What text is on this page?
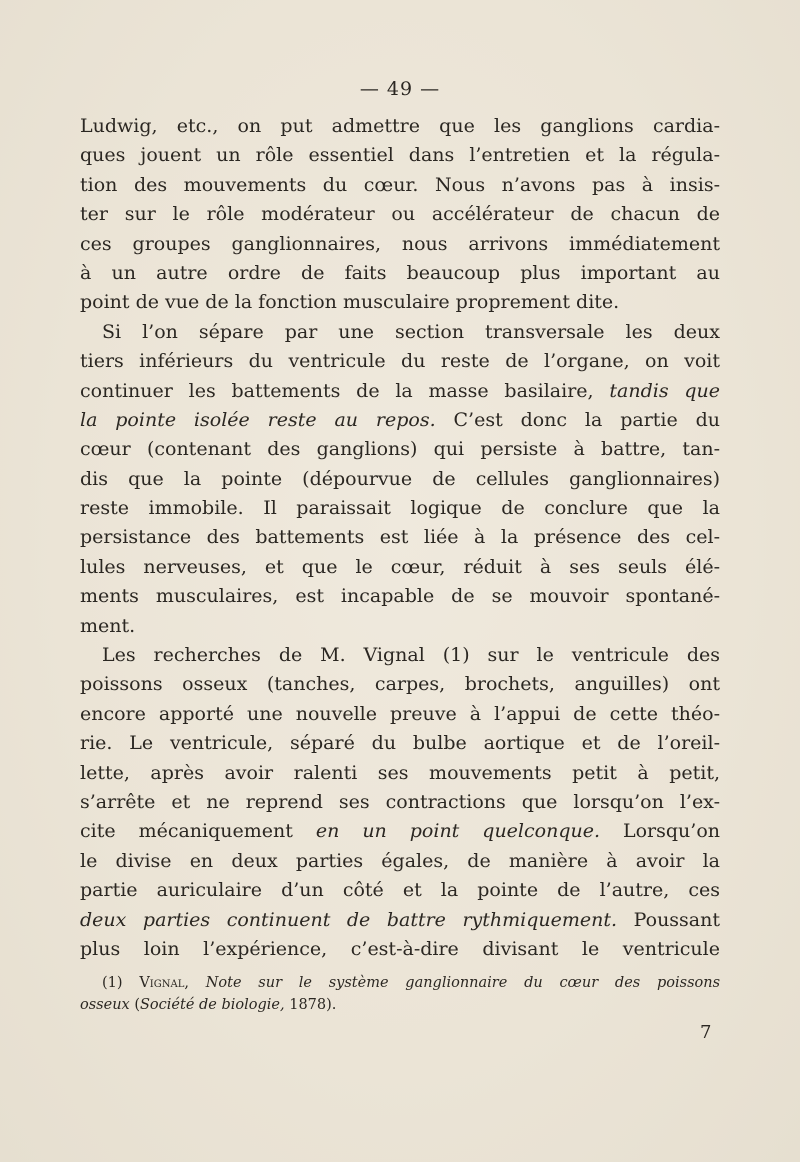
— 49 —
Ludwig, etc., on put admettre que les ganglions cardia-
ques jouent un rôle essentiel dans l’entretien et la régula-
tion des mouvements du cœur. Nous n’avons pas à insis-
ter sur le rôle modérateur ou accélérateur de chacun de
ces groupes ganglionnaires, nous arrivons immédiatement
à un autre ordre de faits beaucoup plus important au
point de vue de la fonction musculaire proprement dite.
Si l’on sépare par une section transversale les deux
tiers inférieurs du ventricule du reste de l’organe, on voit
continuer les battements de la masse basilaire, tandis que
la pointe isolée reste au repos. C’est donc la partie du
cœur (contenant des ganglions) qui persiste à battre, tan-
dis que la pointe (dépourvue de cellules ganglionnaires)
reste immobile. Il paraissait logique de conclure que la
persistance des battements est liée à la présence des cel-
lules nerveuses, et que le cœur, réduit à ses seuls élé-
ments musculaires, est incapable de se mouvoir spontané-
ment.
Les recherches de M. Vignal (1) sur le ventricule des
poissons osseux (tanches, carpes, brochets, anguilles) ont
encore apporté une nouvelle preuve à l’appui de cette théo-
rie. Le ventricule, séparé du bulbe aortique et de l’oreil-
lette, après avoir ralenti ses mouvements petit à petit,
s’arrête et ne reprend ses contractions que lorsqu’on l’ex-
cite mécaniquement en un point quelconque. Lorsqu’on
le divise en deux parties égales, de manière à avoir la
partie auriculaire d’un côté et la pointe de l’autre, ces
deux parties continuent de battre rythmiquement. Poussant
plus loin l’expérience, c’est-à-dire divisant le ventricule
(1) Vignal, Note sur le système ganglionnaire du cœur des poissons
osseux (Société de biologie, 1878).
7
